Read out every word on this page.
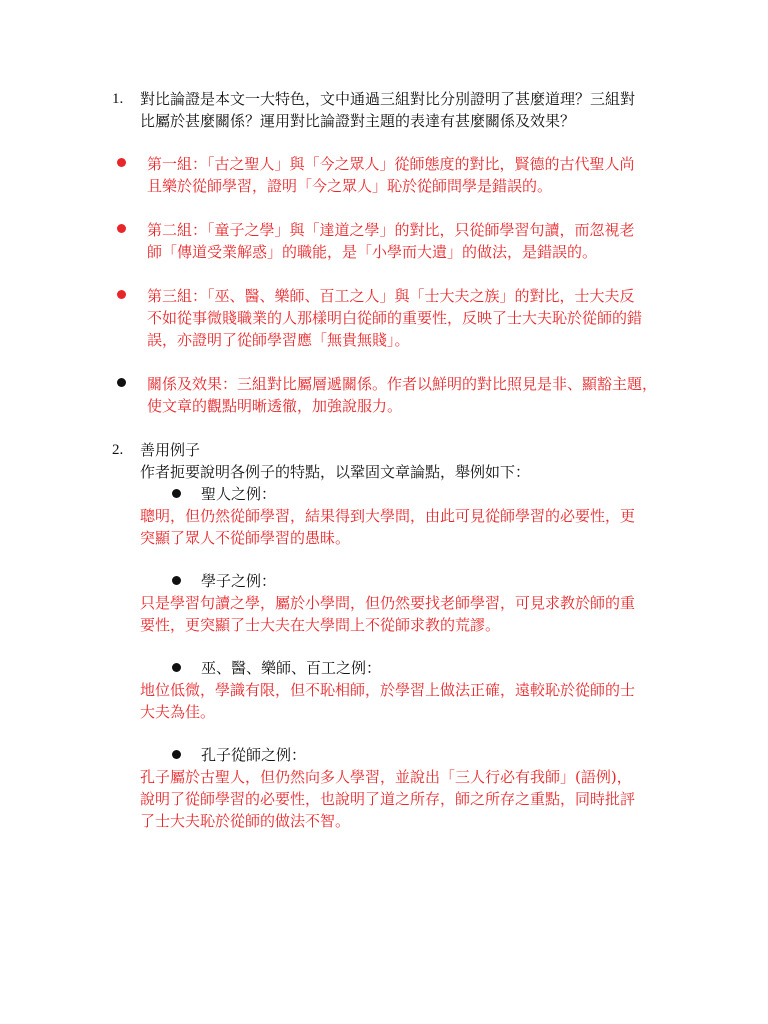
1. 對比論證是本文一大特色，文中通過三組對比分別證明了甚麼道理？三組對
比屬於甚麼關係？運用對比論證對主題的表達有甚麼關係及效果？
第一組：「古之聖人」與「今之眾人」從師態度的對比，賢德的古代聖人尚
且樂於從師學習，證明「今之眾人」恥於從師問學是錯誤的。
第二組：「童子之學」與「達道之學」的對比，只從師學習句讀，而忽視老
師「傳道受業解惑」的職能，是「小學而大遺」的做法，是錯誤的。
第三組：「巫、醫、樂師、百工之人」與「士大夫之族」的對比，士大夫反
不如從事微賤職業的人那樣明白從師的重要性，反映了士大夫恥於從師的錯
誤，亦證明了從師學習應「無貴無賤」。
關係及效果：三組對比屬層遞關係。作者以鮮明的對比照見是非、顯豁主題，
使文章的觀點明晰透徹，加強說服力。
2. 善用例子
作者扼要說明各例子的特點，以鞏固文章論點，舉例如下：
聖人之例：
聰明，但仍然從師學習，結果得到大學問，由此可見從師學習的必要性，更
突顯了眾人不從師學習的愚昧。
學子之例：
只是學習句讀之學，屬於小學問，但仍然要找老師學習，可見求教於師的重
要性，更突顯了士大夫在大學問上不從師求教的荒謬。
巫、醫、樂師、百工之例：
地位低微，學識有限，但不恥相師，於學習上做法正確，遠較恥於從師的士
大夫為佳。
孔子從師之例：
孔子屬於古聖人，但仍然向多人學習，並說出「三人行必有我師」(語例)，
說明了從師學習的必要性，也說明了道之所存，師之所存之重點，同時批評
了士大夫恥於從師的做法不智。
